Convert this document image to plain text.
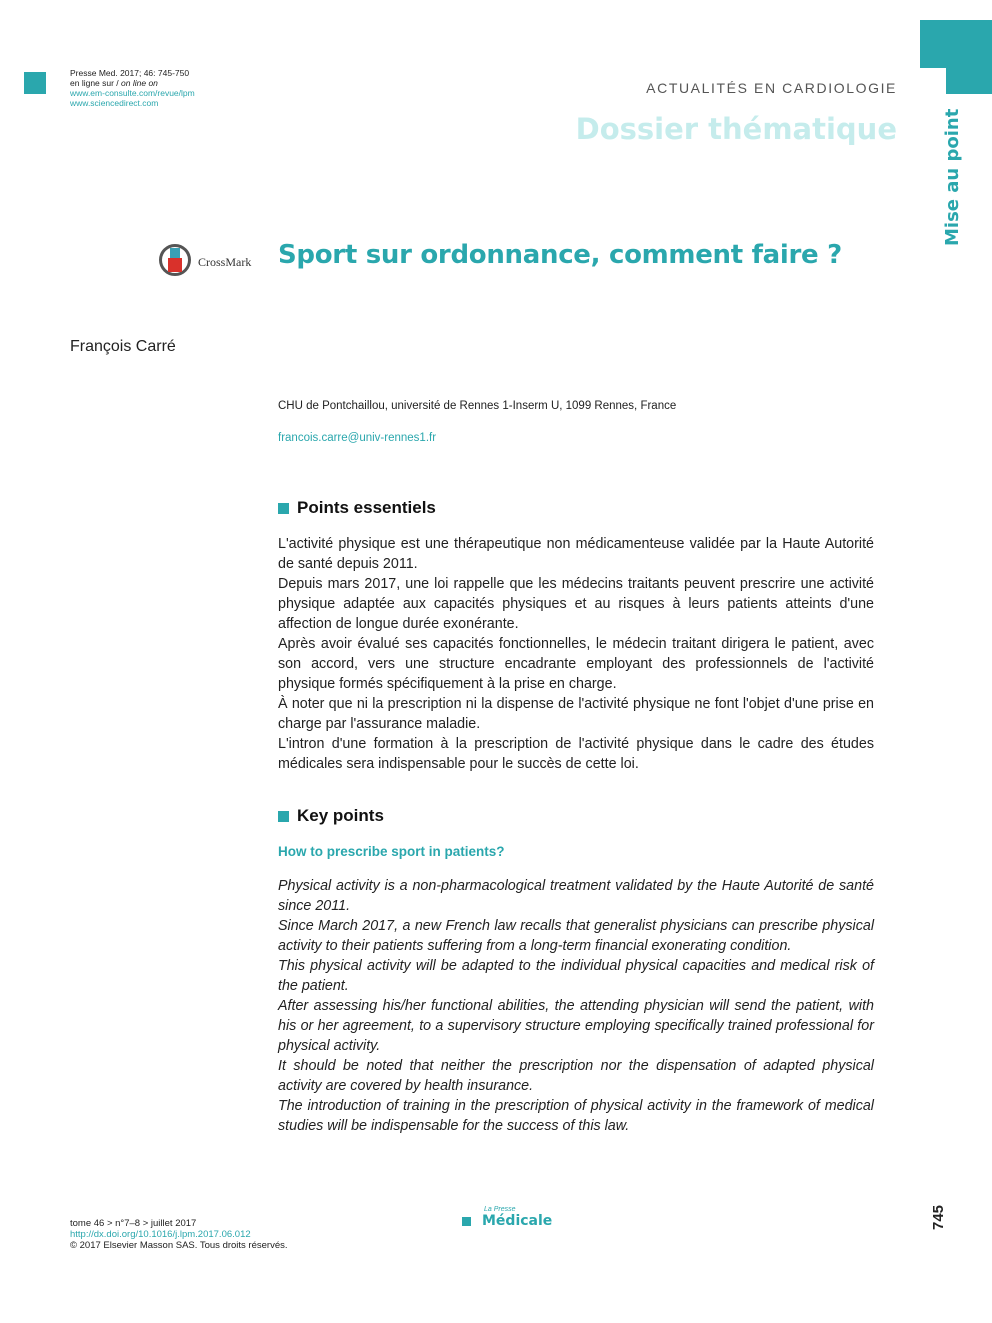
Presse Med. 2017; 46: 745-750
en ligne sur / on line on
www.em-consulte.com/revue/lpm
www.sciencedirect.com
ACTUALITÉS EN CARDIOLOGIE
Dossier thématique	Mise au point
CrossMark Sport sur ordonnance, comment faire ?
François Carré
CHU de Pontchaillou, université de Rennes 1-Inserm U, 1099 Rennes, France
francois.carre@univ-rennes1.fr
Points essentiels

L'activité physique est une thérapeutique non médicamenteuse validée par la Haute Autorité de santé depuis 2011.

Depuis mars 2017, une loi rappelle que les médecins traitants peuvent prescrire une activité physique adaptée aux capacités physiques et au risques à leurs patients atteints d'une affection de longue durée exonérante.

Après avoir évalué ses capacités fonctionnelles, le médecin traitant dirigera le patient, avec son accord, vers une structure encadrante employant des professionnels de l'activité physique formés spécifiquement à la prise en charge.

À noter que ni la prescription ni la dispense de l'activité physique ne font l'objet d'une prise en charge par l'assurance maladie.

L'intron d'une formation à la prescription de l'activité physique dans le cadre des études médicales sera indispensable pour le succès de cette loi.

Key points
How to prescribe sport in patients?

Physical activity is a non-pharmacological treatment validated by the Haute Autorité de santé since 2011.

Since March 2017, a new French law recalls that generalist physicians can prescribe physical activity to their patients suffering from a long-term financial exonerating condition.

This physical activity will be adapted to the individual physical capacities and medical risk of the patient.

After assessing his/her functional abilities, the attending physician will send the patient, with his or her agreement, to a supervisory structure employing specifically trained professional for physical activity.

It should be noted that neither the prescription nor the dispensation of adapted physical activity are covered by health insurance.

The introduction of training in the prescription of physical activity in the framework of medical studies will be indispensable for the success of this law.

tome 46 > n°7–8 > juillet 2017
http://dx.doi.org/10.1016/j.lpm.2017.06.012
© 2017 Elsevier Masson SAS. Tous droits réservés.
La Presse
Médicale	745
